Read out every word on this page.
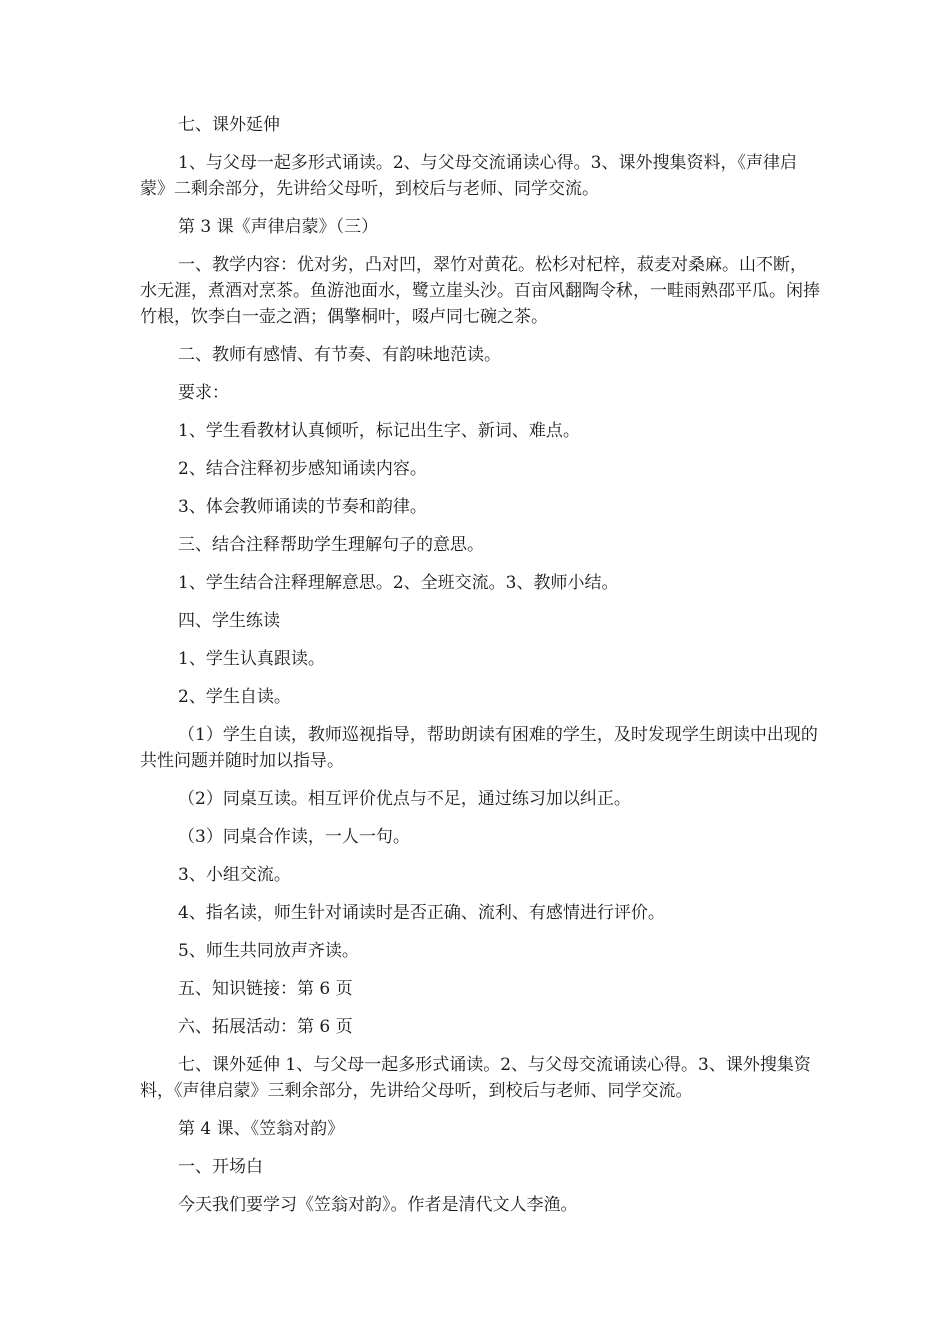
七、课外延伸

1、与父母一起多形式诵读。2、与父母交流诵读心得。3、课外搜集资料，《声律启蒙》二剩余部分，先讲给父母听，到校后与老师、同学交流。

第 3 课《声律启蒙》（三）

一、教学内容：优对劣，凸对凹，翠竹对黄花。松杉对杞梓，菽麦对桑麻。山不断，水无涯，煮酒对烹茶。鱼游池面水，鹭立崖头沙。百亩风翻陶令秫，一畦雨熟邵平瓜。闲捧竹根，饮李白一壶之酒；偶擎桐叶，啜卢同七碗之茶。

二、教师有感情、有节奏、有韵味地范读。

要求：

1、学生看教材认真倾听，标记出生字、新词、难点。

2、结合注释初步感知诵读内容。

3、体会教师诵读的节奏和韵律。

三、结合注释帮助学生理解句子的意思。

1、学生结合注释理解意思。2、全班交流。3、教师小结。

四、学生练读

1、学生认真跟读。

2、学生自读。

（1）学生自读，教师巡视指导，帮助朗读有困难的学生，及时发现学生朗读中出现的共性问题并随时加以指导。

（2）同桌互读。相互评价优点与不足，通过练习加以纠正。

（3）同桌合作读，一人一句。

3、小组交流。

4、指名读，师生针对诵读时是否正确、流利、有感情进行评价。

5、师生共同放声齐读。

五、知识链接：第 6 页

六、拓展活动：第 6 页

七、课外延伸 1、与父母一起多形式诵读。2、与父母交流诵读心得。3、课外搜集资料，《声律启蒙》三剩余部分，先讲给父母听，到校后与老师、同学交流。

第 4 课、《笠翁对韵》

一、开场白

今天我们要学习《笠翁对韵》。作者是清代文人李渔。
